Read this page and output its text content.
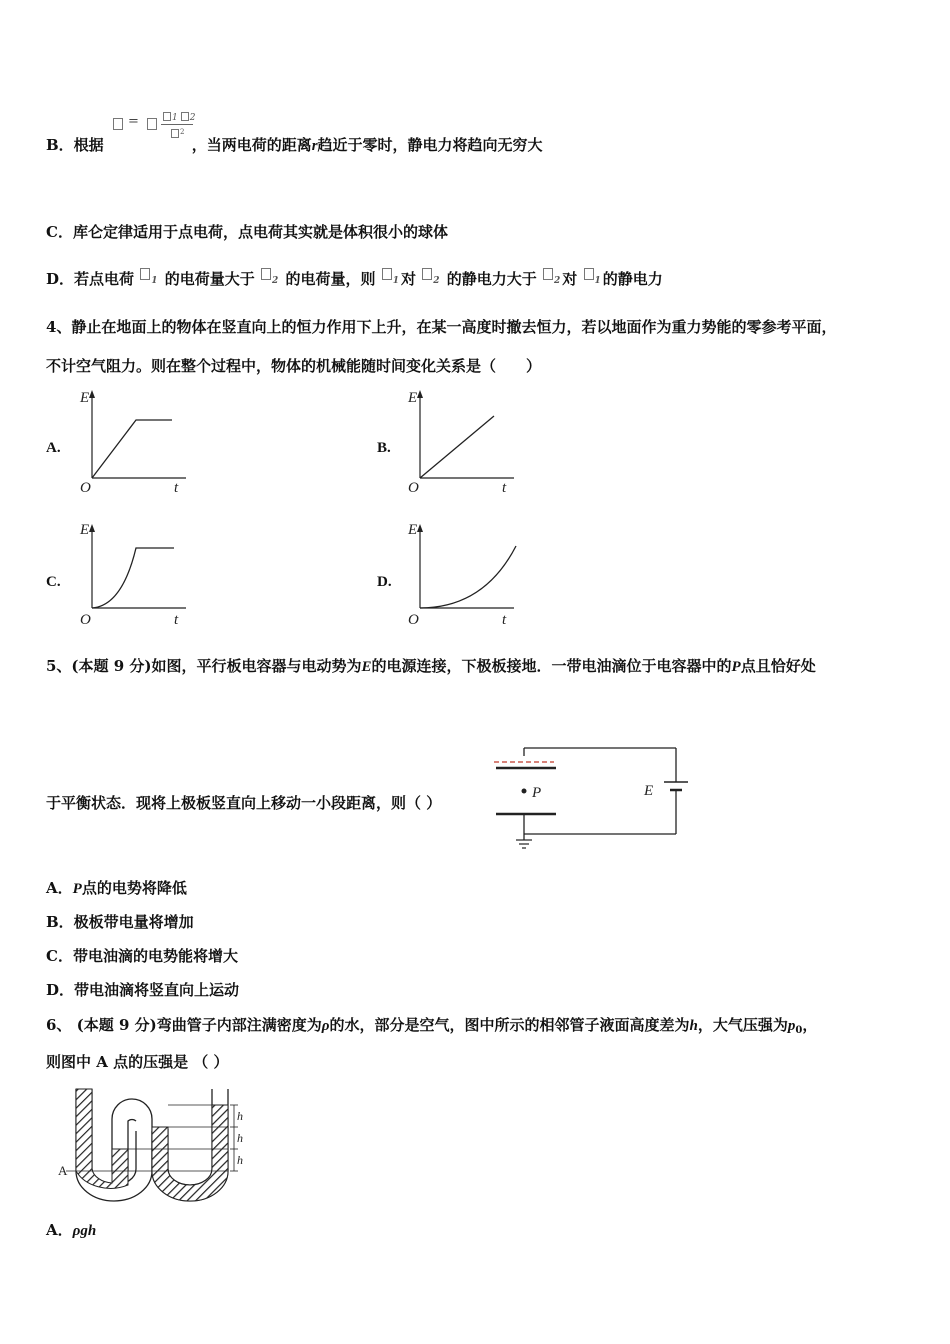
=	1 2
$^2$
B．根据	，当两电荷的距离r趋近于零时，静电力将趋向无穷大
C．库仑定律适用于点电荷，点电荷其实就是体积很小的球体
D．若点电荷 1 的电荷量大于 2 的电荷量，则 1 对 2 的静电力大于 2 对 1 的静电力
4、静止在地面上的物体在竖直向上的恒力作用下上升，在某一高度时撤去恒力，若以地面作为重力势能的零参考平面，
不计空气阻力。则在整个过程中，物体的机械能随时间变化关系是（　　）
A.	B.
C.	D.
E
O	t
E
O	t
E
O	t
E
O	t
5、(本题 9 分)如图，平行板电容器与电动势为E的电源连接，下极板接地．一带电油滴位于电容器中的P点且恰好处
于平衡状态．现将上极板竖直向上移动一小段距离，则（ ）
P	E
A．P点的电势将降低
B．极板带电量将增加
C．带电油滴的电势能将增大
D．带电油滴将竖直向上运动
6、 (本题 9 分)弯曲管子内部注满密度为ρ的水，部分是空气，图中所示的相邻管子液面高度差为h，大气压强为$p_0$，
则图中 A 点的压强是 （ ）
h
h
h
A
A．ρgh
